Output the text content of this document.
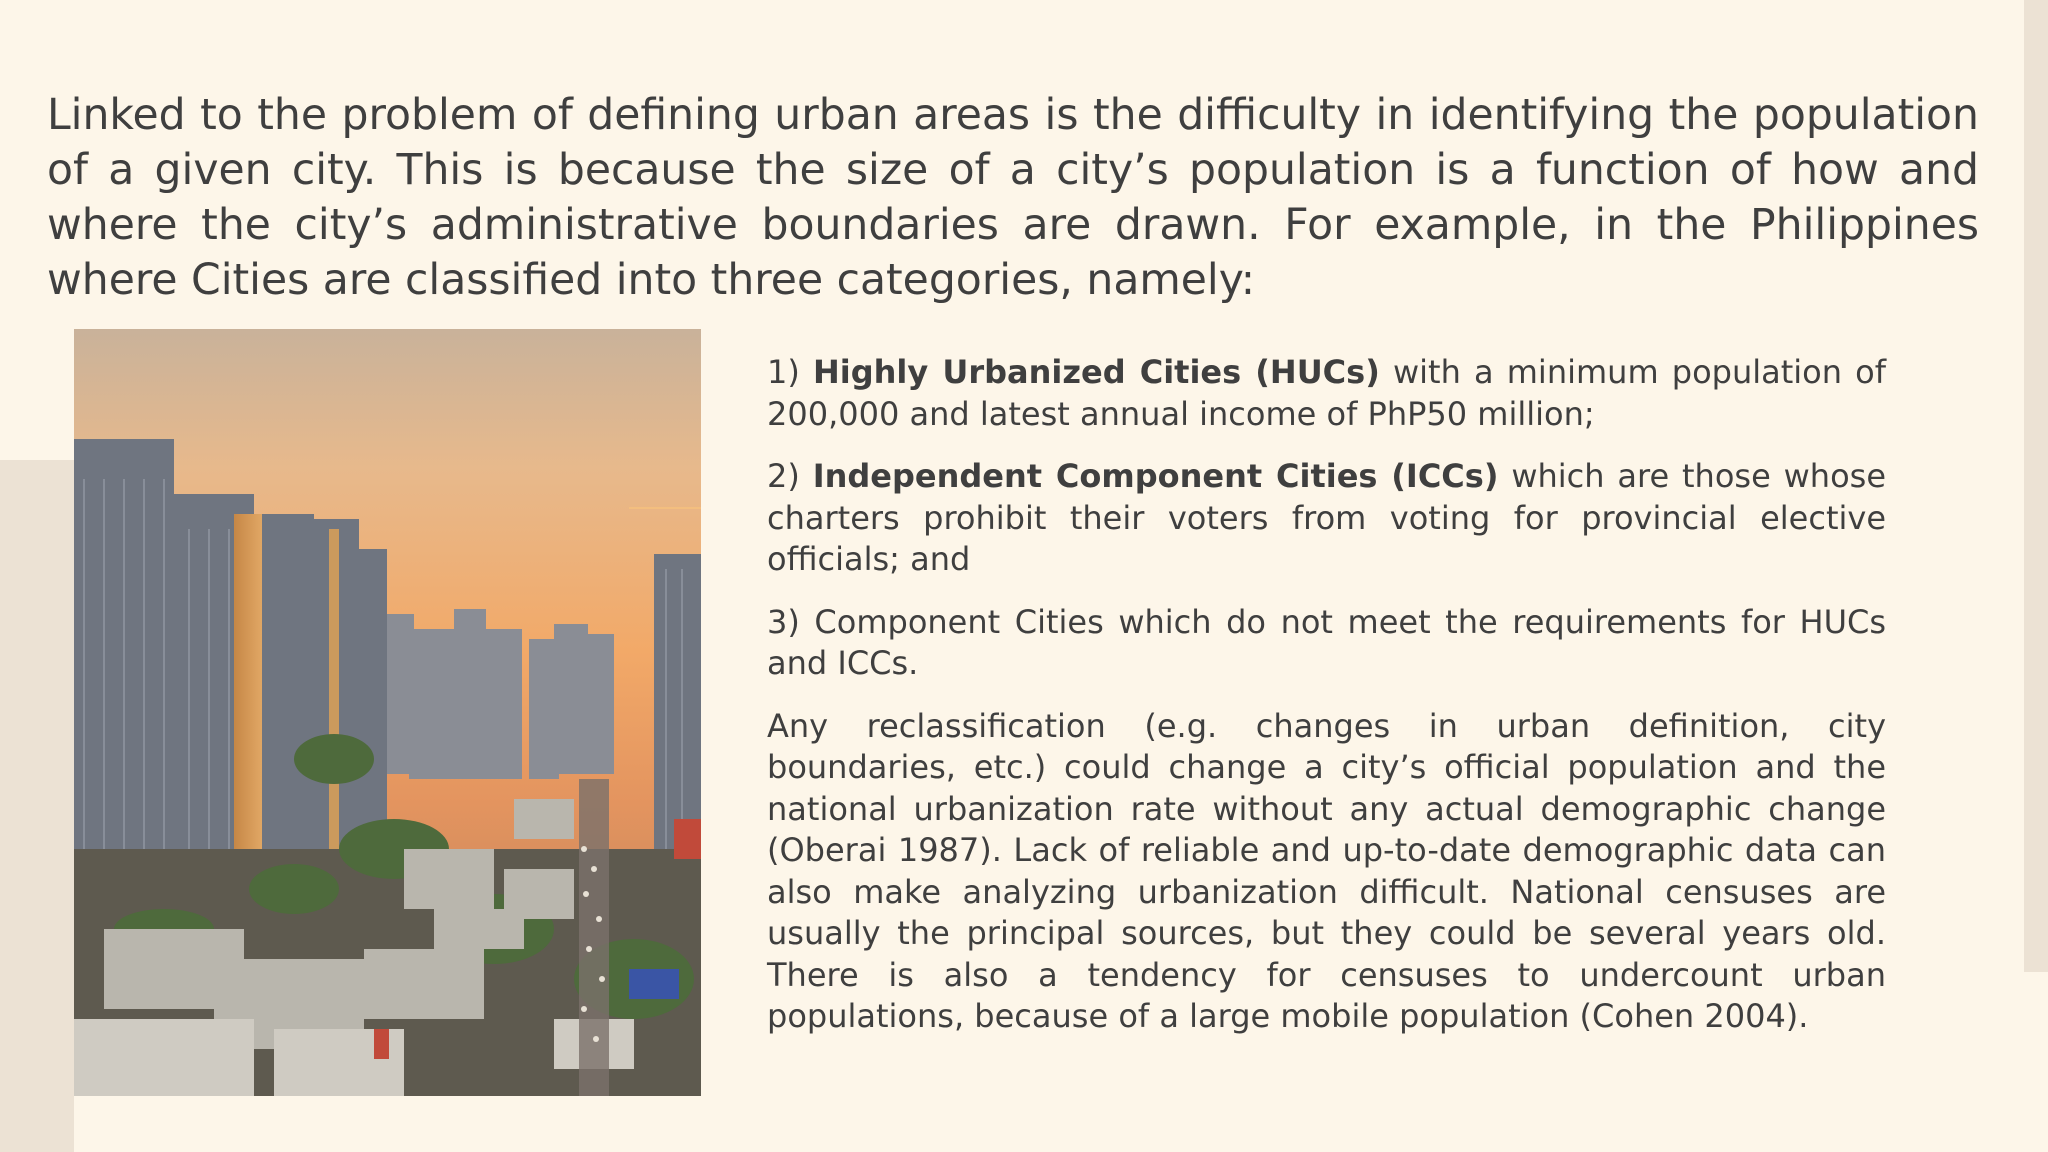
Linked to the problem of defining urban areas is the difficulty in identifying the population of a given city. This is because the size of a city’s population is a function of how and where the city’s administrative boundaries are drawn. For example, in the Philippines where Cities are classified into three categories, namely:

1) Highly Urbanized Cities (HUCs) with a minimum population of 200,000 and latest annual income of PhP50 million;

2) Independent Component Cities (ICCs) which are those whose charters prohibit their voters from voting for provincial elective officials; and

3) Component Cities which do not meet the requirements for HUCs and ICCs.

Any reclassification (e.g. changes in urban definition, city boundaries, etc.) could change a city’s official population and the national urbanization rate without any actual demographic change (Oberai 1987). Lack of reliable and up-to-date demographic data can also make analyzing urbanization difficult. National censuses are usually the principal sources, but they could be several years old. There is also a tendency for censuses to undercount urban populations, because of a large mobile population (Cohen 2004).
